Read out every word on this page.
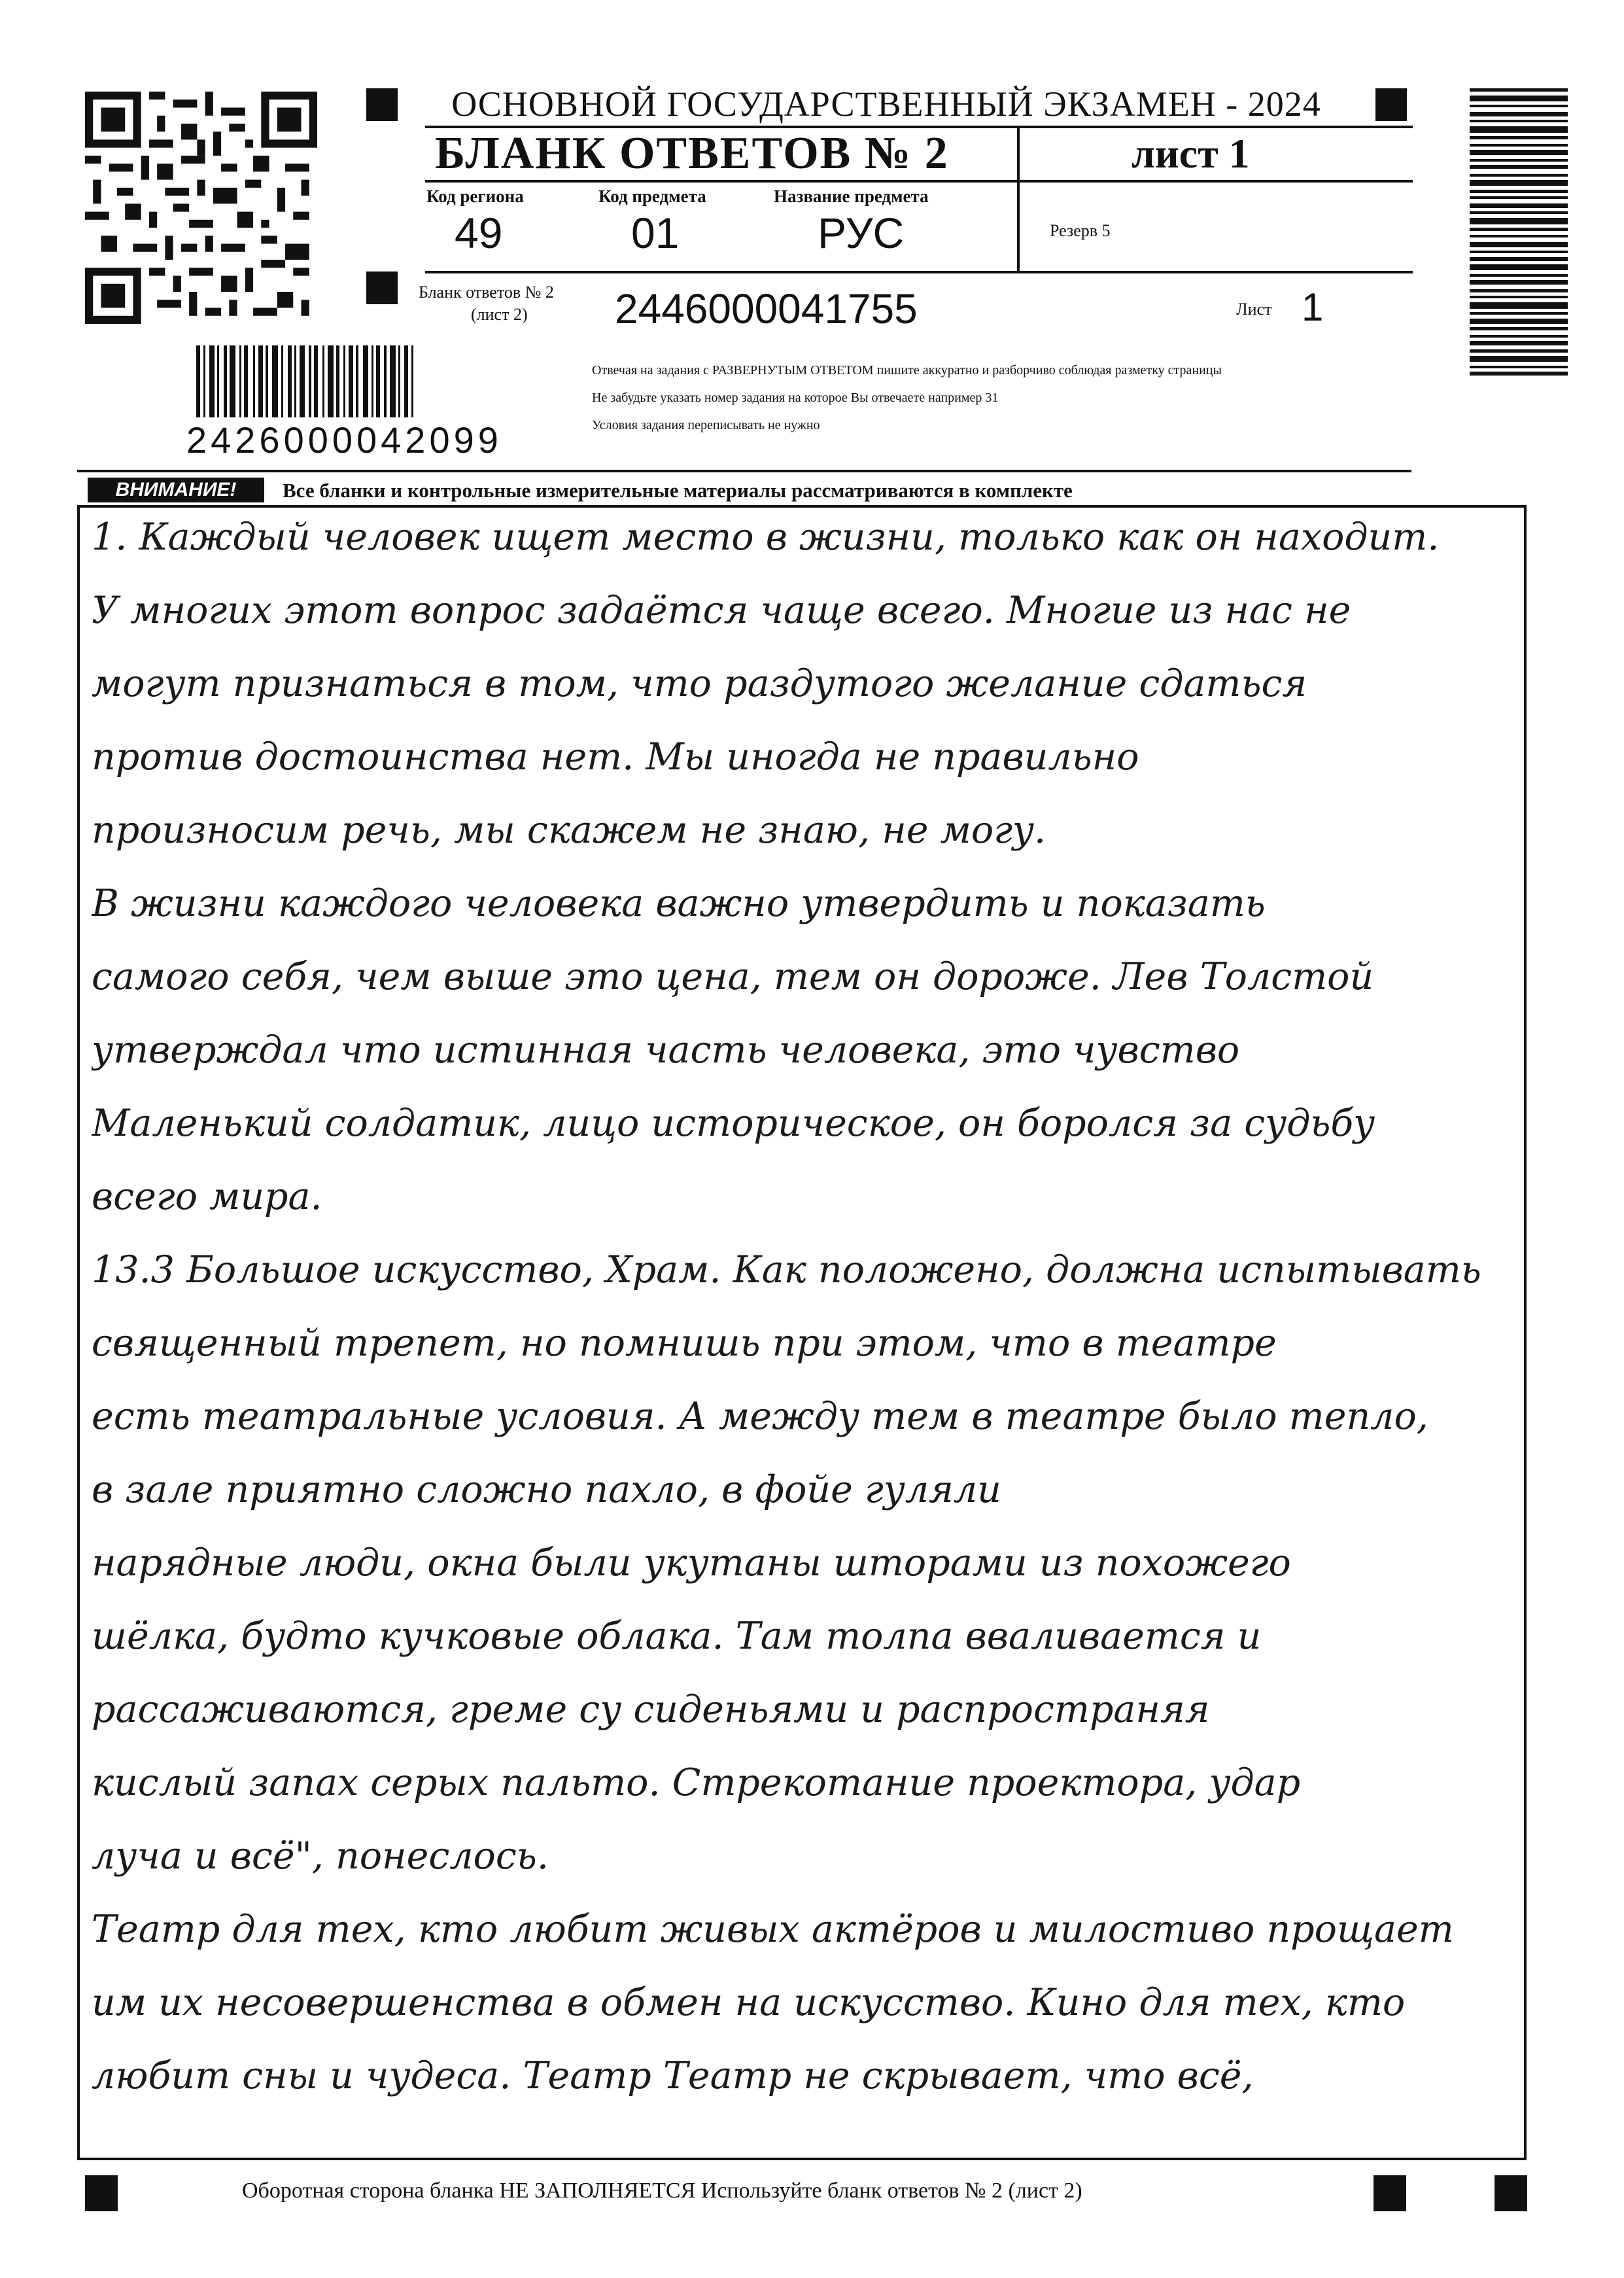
2426000042099
ОСНОВНОЙ ГОСУДАРСТВЕННЫЙ ЭКЗАМЕН - 2024
БЛАНК ОТВЕТОВ № 2	лист 1
Код региона
49
Код предмета
01
Название предмета
РУС	Резерв 5
Бланк ответов № 2
(лист 2) 2446000041755	Лист 1
Отвечая на задания с РАЗВЕРНУТЫМ ОТВЕТОМ пишите аккуратно и разборчиво соблюдая разметку страницы
Не забудьте указать номер задания на которое Вы отвечаете например 31
Условия задания переписывать не нужно
ВНИМАНИЕ!	Все бланки и контрольные измерительные материалы рассматриваются в комплекте
1. Каждый человек ищет место в жизни, только как он находит.
У многих этот вопрос задаётся чаще всего. Многие из нас не
могут признаться в том, что раздутого желание сдаться
против достоинства нет. Мы иногда не правильно
произносим речь, мы скажем не знаю, не могу.
В жизни каждого человека важно утвердить и показать
самого себя, чем выше это цена, тем он дороже. Лев Толстой
утверждал что истинная часть человека, это чувство
Маленький солдатик, лицо историческое, он боролся за судьбу
всего мира.
13.3 Большое искусство, Храм. Как положено, должна испытывать
священный трепет, но помнишь при этом, что в театре
есть театральные условия. А между тем в театре было тепло,
в зале приятно сложно пахло, в фойе гуляли
нарядные люди, окна были укутаны шторами из похожего
шёлка, будто кучковые облака. Там толпа вваливается и
рассаживаются, греме су сиденьями и распространяя
кислый запах серых пальто. Стрекотание проектора, удар
луча и всё", понеслось.
Театр для тех, кто любит живых актёров и милостиво прощает
им их несовершенства в обмен на искусство. Кино для тех, кто
любит сны и чудеса. Театр Театр не скрывает, что всё,
Оборотная сторона бланка НЕ ЗАПОЛНЯЕТСЯ Используйте бланк ответов № 2 (лист 2)
